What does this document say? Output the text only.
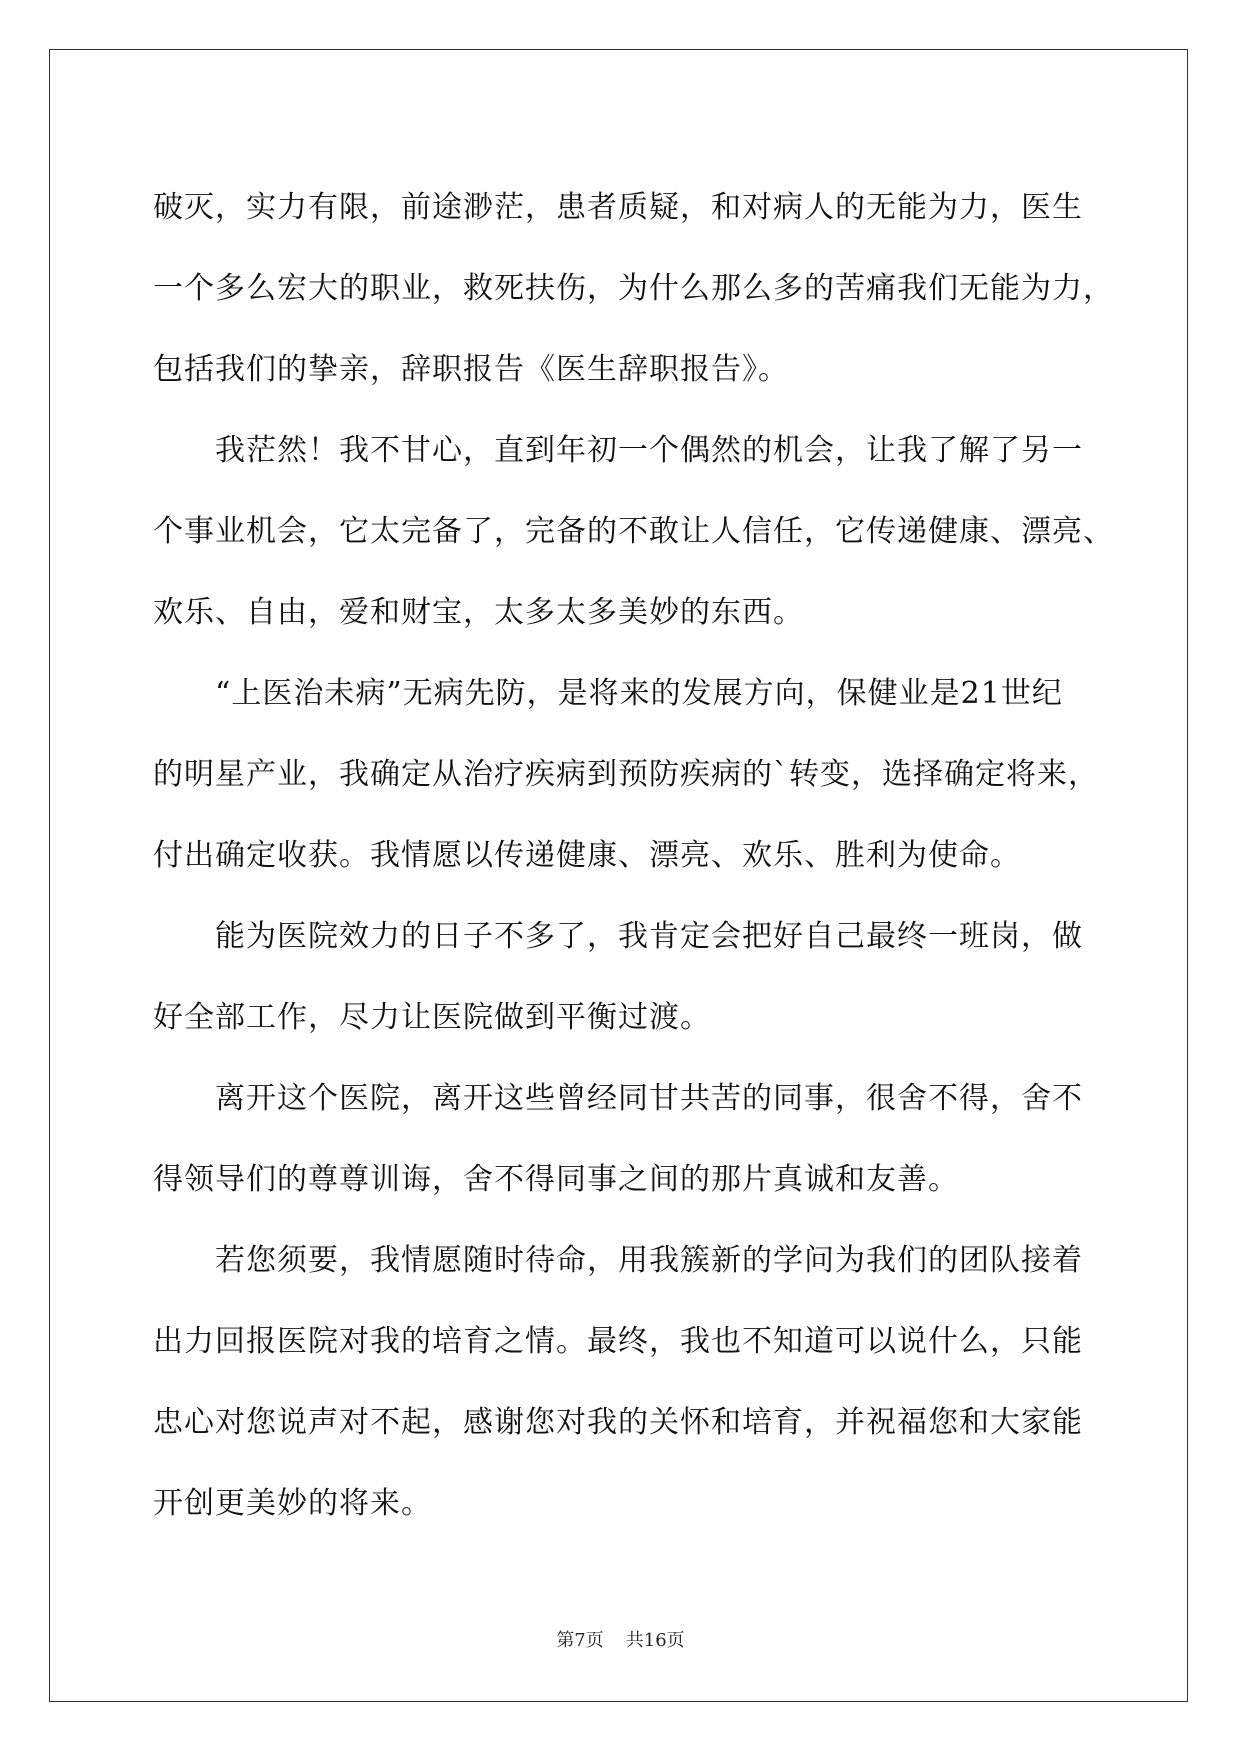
破灭，实力有限，前途渺茫，患者质疑，和对病人的无能为力，医生
一个多么宏大的职业，救死扶伤，为什么那么多的苦痛我们无能为力，
包括我们的挚亲，辞职报告《医生辞职报告》。
我茫然！我不甘心，直到年初一个偶然的机会，让我了解了另一
个事业机会，它太完备了，完备的不敢让人信任，它传递健康、漂亮、
欢乐、自由，爱和财宝，太多太多美妙的东西。
“上医治未病”无病先防，是将来的发展方向，保健业是21世纪
的明星产业，我确定从治疗疾病到预防疾病的`转变，选择确定将来，
付出确定收获。我情愿以传递健康、漂亮、欢乐、胜利为使命。
能为医院效力的日子不多了，我肯定会把好自己最终一班岗，做
好全部工作，尽力让医院做到平衡过渡。
离开这个医院，离开这些曾经同甘共苦的同事，很舍不得，舍不
得领导们的尊尊训诲，舍不得同事之间的那片真诚和友善。
若您须要，我情愿随时待命，用我簇新的学问为我们的团队接着
出力回报医院对我的培育之情。最终，我也不知道可以说什么，只能
忠心对您说声对不起，感谢您对我的关怀和培育，并祝福您和大家能
开创更美妙的将来。
第7页 共16页
